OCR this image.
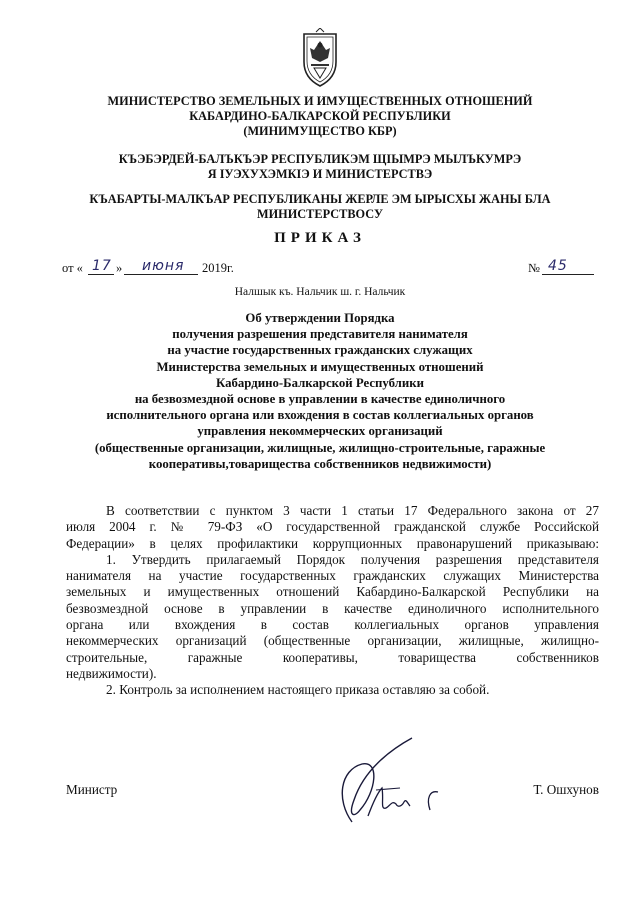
МИНИСТЕРСТВО ЗЕМЕЛЬНЫХ И ИМУЩЕСТВЕННЫХ ОТНОШЕНИЙ
КАБАРДИНО-БАЛКАРСКОЙ РЕСПУБЛИКИ
(МИНИМУЩЕСТВО КБР)
КЪЭБЭРДЕЙ-БАЛЪКЪЭР РЕСПУБЛИКЭМ ЩIЫМРЭ МЫЛЪКУМРЭ
Я IУЭХУХЭМКIЭ И МИНИСТЕРСТВЭ
КЪАБАРТЫ-МАЛКЪАР РЕСПУБЛИКАНЫ ЖЕРЛЕ ЭМ ЫРЫСХЫ ЖАНЫ БЛА
МИНИСТЕРСТВОСУ
ПРИКАЗ
от « 17 » июня 2019г.	№ 45
Налшык къ. Нальчик ш. г. Нальчик
Об утверждении Порядка
получения разрешения представителя нанимателя
на участие государственных гражданских служащих
Министерства земельных и имущественных отношений
Кабардино-Балкарской Республики
на безвозмездной основе в управлении в качестве единоличного
исполнительного органа или вхождения в состав коллегиальных органов
управления некоммерческих организаций
(общественные организации, жилищные, жилищно-строительные, гаражные
кооперативы,товарищества собственников недвижимости)

В соответствии с пунктом 3 части 1 статьи 17 Федерального закона от 27
июля 2004 г. № 79-ФЗ «О государственной гражданской службе Российской
Федерации» в целях профилактики коррупционных правонарушений приказываю:

1. Утвердить прилагаемый Порядок получения разрешения представителя
нанимателя на участие государственных гражданских служащих Министерства
земельных и имущественных отношений Кабардино-Балкарской Республики на
безвозмездной основе в управлении в качестве единоличного исполнительного
органа или вхождения в состав коллегиальных органов управления
некоммерческих организаций (общественные организации, жилищные, жилищно-
строительные, гаражные кооперативы, товарищества собственников
недвижимости).

2. Контроль за исполнением настоящего приказа оставляю за собой.

Министр	Т. Ошхунов
